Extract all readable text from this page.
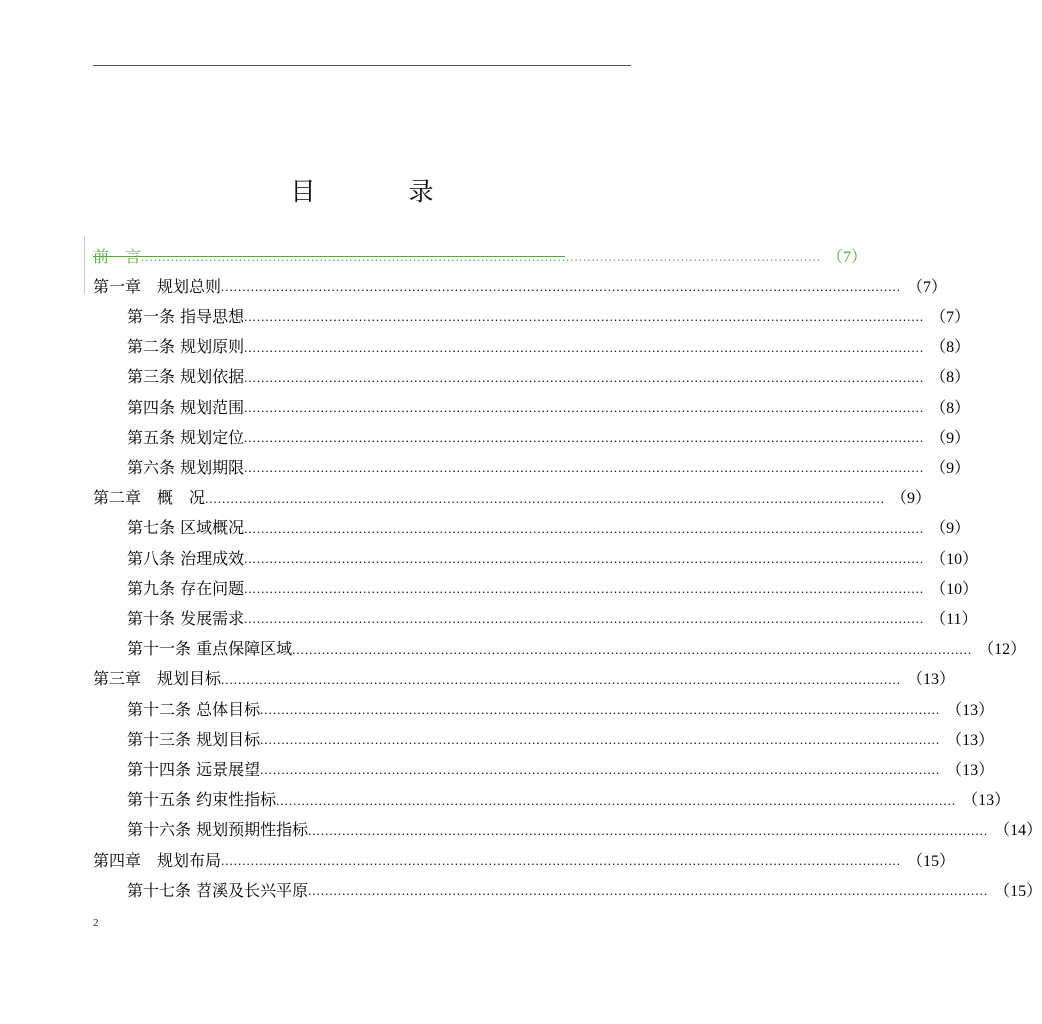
目　录
前　言 ................................................................................................................................................................ （7）
第一章　规划总则 ................................................................................................................................................................ （7）
第一条 指导思想 ................................................................................................................................................................ （7）
第二条 规划原则 ................................................................................................................................................................ （8）
第三条 规划依据 ................................................................................................................................................................ （8）
第四条 规划范围 ................................................................................................................................................................ （8）
第五条 规划定位 ................................................................................................................................................................ （9）
第六条 规划期限 ................................................................................................................................................................ （9）
第二章　概　况 ................................................................................................................................................................ （9）
第七条 区域概况 ................................................................................................................................................................ （9）
第八条 治理成效 ................................................................................................................................................................ （10）
第九条 存在问题 ................................................................................................................................................................ （10）
第十条 发展需求 ................................................................................................................................................................ （11）
第十一条 重点保障区域 ................................................................................................................................................................ （12）
第三章　规划目标 ................................................................................................................................................................ （13）
第十二条 总体目标 ................................................................................................................................................................ （13）
第十三条 规划目标 ................................................................................................................................................................ （13）
第十四条 远景展望 ................................................................................................................................................................ （13）
第十五条 约束性指标 ................................................................................................................................................................ （13）
第十六条 规划预期性指标 ................................................................................................................................................................ （14）
第四章　规划布局 ................................................................................................................................................................ （15）
第十七条 苕溪及长兴平原 ................................................................................................................................................................ （15）
2
